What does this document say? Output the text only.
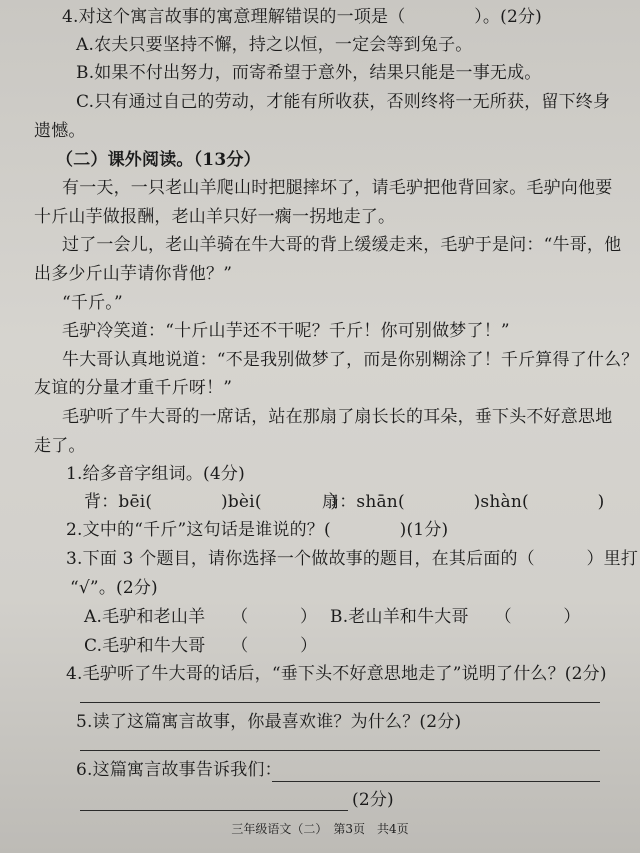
4.对这个寓言故事的寓意理解错误的一项是（　　　　）。(2分)
A.农夫只要坚持不懈，持之以恒，一定会等到兔子。
B.如果不付出努力，而寄希望于意外，结果只能是一事无成。
C.只有通过自己的劳动，才能有所收获，否则终将一无所获，留下终身
遗憾。
（二）课外阅读。（13分）
有一天，一只老山羊爬山时把腿摔坏了，请毛驴把他背回家。毛驴向他要
十斤山芋做报酬，老山羊只好一瘸一拐地走了。
过了一会儿，老山羊骑在牛大哥的背上缓缓走来，毛驴于是问：“牛哥，他
出多少斤山芋请你背他？”
“千斤。”
毛驴冷笑道：“十斤山芋还不干呢？千斤！你可别做梦了！”
牛大哥认真地说道：“不是我别做梦了，而是你别糊涂了！千斤算得了什么？
友谊的分量才重千斤呀！”
毛驴听了牛大哥的一席话，站在那扇了扇长长的耳朵，垂下头不好意思地
走了。
1.给多音字组词。(4分)
背：bēi(　　　　)bèi(　　　　)
扇：shān(　　　　)shàn(　　　　)
2.文中的“千斤”这句话是谁说的？(　　　　)(1分)
3.下面 3 个题目，请你选择一个做故事的题目，在其后面的（　　　）里打
“√”。(2分)
A.毛驴和老山羊　　（　　　） B.老山羊和牛大哥　　（　　　）
C.毛驴和牛大哥　　（　　　）
4.毛驴听了牛大哥的话后，“垂下头不好意思地走了”说明了什么？(2分)
5.读了这篇寓言故事，你最喜欢谁？为什么？(2分)
6.这篇寓言故事告诉我们：
(2分)
三年级语文（二）　第3页　共4页
